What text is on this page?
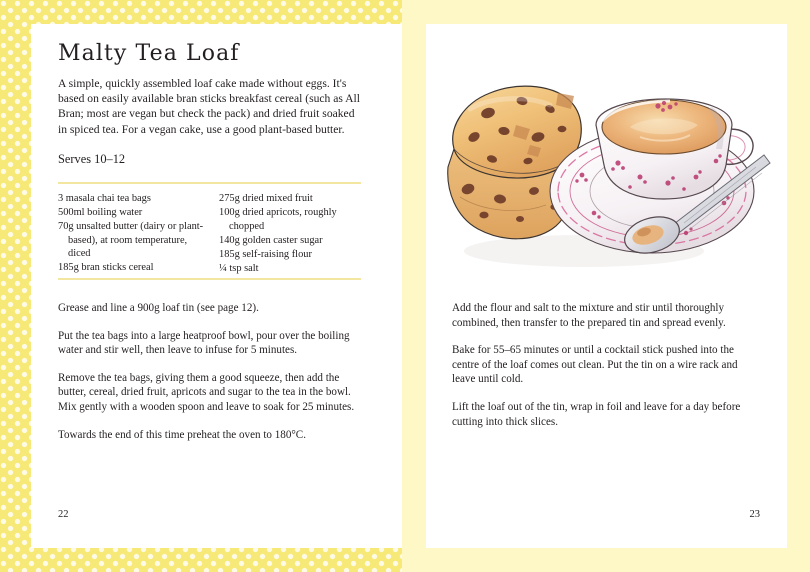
Malty Tea Loaf

A simple, quickly assembled loaf cake made without eggs. It's based on easily available bran sticks breakfast cereal (such as All Bran; most are vegan but check the pack) and dried fruit soaked in spiced tea. For a vegan cake, use a good plant-based butter.

Serves 10–12

3 masala chai tea bags

500ml boiling water

70g unsalted butter (dairy or plant-based), at room temperature, diced

185g bran sticks cereal

275g dried mixed fruit

100g dried apricots, roughly chopped

140g golden caster sugar

185g self-raising flour

¼ tsp salt

Grease and line a 900g loaf tin (see page 12).

Put the tea bags into a large heatproof bowl, pour over the boiling water and stir well, then leave to infuse for 5 minutes.

Remove the tea bags, giving them a good squeeze, then add the butter, cereal, dried fruit, apricots and sugar to the tea in the bowl. Mix gently with a wooden spoon and leave to soak for 25 minutes.

Towards the end of this time preheat the oven to 180°C.

22

Add the flour and salt to the mixture and stir until thoroughly combined, then transfer to the prepared tin and spread evenly.

Bake for 55–65 minutes or until a cocktail stick pushed into the centre of the loaf comes out clean. Put the tin on a wire rack and leave until cold.

Lift the loaf out of the tin, wrap in foil and leave for a day before cutting into thick slices.

23
